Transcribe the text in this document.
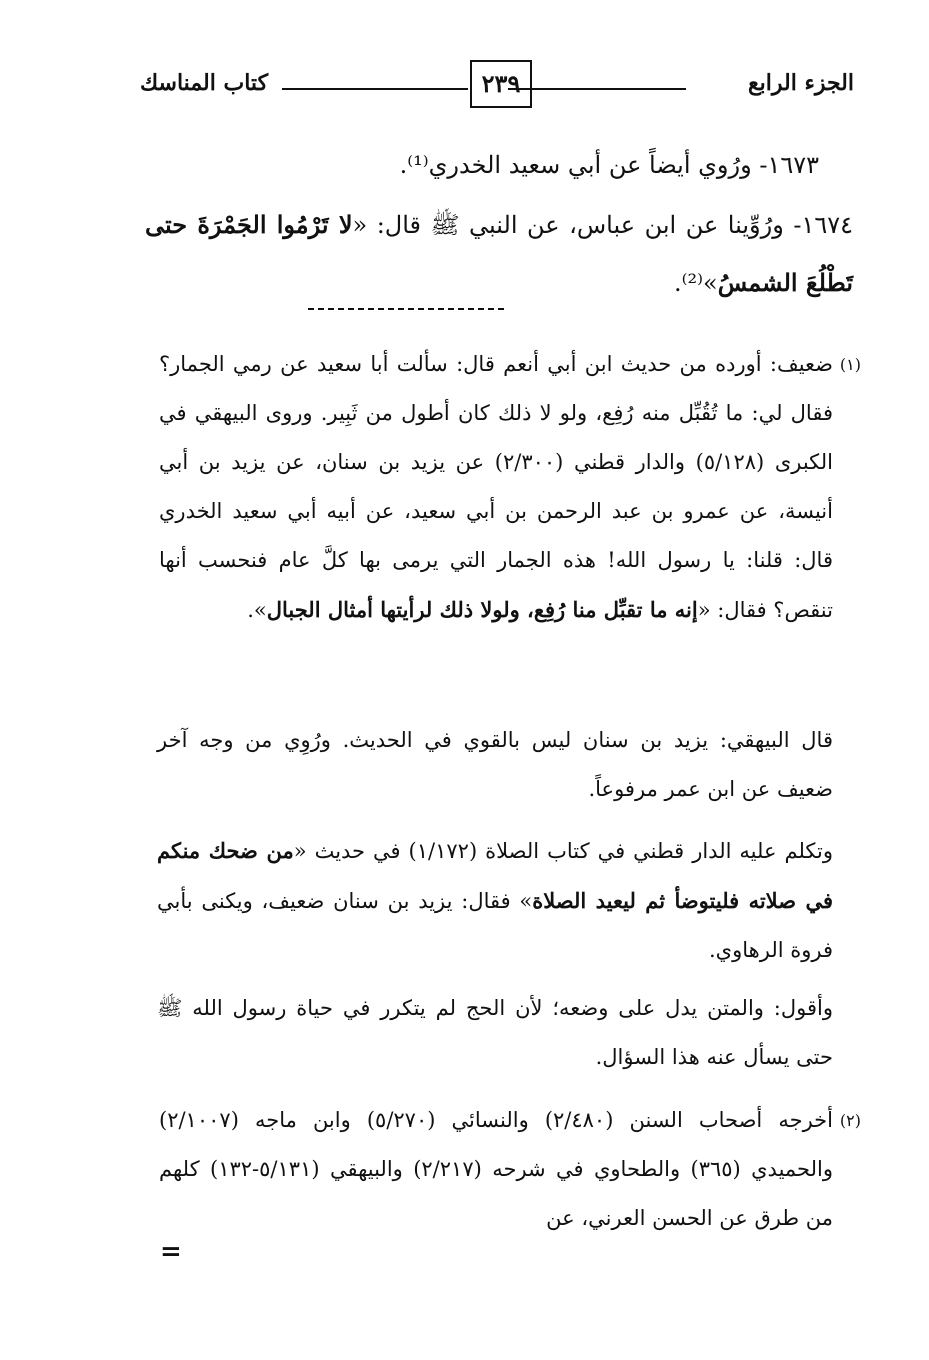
الجزء الرابع
٢٣٩
كتاب المناسك
١٦٧٣- ورُوي أيضاً عن أبي سعيد الخدري⁽¹⁾.
١٦٧٤- ورُوِّينا عن ابن عباس، عن النبي ﷺ قال: «لا تَرْمُوا الجَمْرَةَ حتى تَطْلُعَ الشمسُ»⁽²⁾.
(١)
ضعيف: أورده من حديث ابن أبي أنعم قال: سألت أبا سعيد عن رمي الجمار؟ فقال لي: ما تُقُبِّل منه رُفِع، ولو لا ذلك كان أطول من ثَبِير. وروى البيهقي في الكبرى (٥/١٢٨) والدار قطني (٢/٣٠٠) عن يزيد بن سنان، عن يزيد بن أبي أنيسة، عن عمرو بن عبد الرحمن بن أبي سعيد، عن أبيه أبي سعيد الخدري قال: قلنا: يا رسول الله! هذه الجمار التي يرمى بها كلَّ عام فنحسب أنها تنقص؟ فقال: «إنه ما تقبِّل منا رُفِع، ولولا ذلك لرأيتها أمثال الجبال».
قال البيهقي: يزيد بن سنان ليس بالقوي في الحديث. ورُوِي من وجه آخر ضعيف عن ابن عمر مرفوعاً.
وتكلم عليه الدار قطني في كتاب الصلاة (١/١٧٢) في حديث «من ضحك منكم في صلاته فليتوضأ ثم ليعيد الصلاة» فقال: يزيد بن سنان ضعيف، ويكنى بأبي فروة الرهاوي.
وأقول: والمتن يدل على وضعه؛ لأن الحج لم يتكرر في حياة رسول الله ﷺ حتى يسأل عنه هذا السؤال.
(٢)
أخرجه أصحاب السنن (٢/٤٨٠) والنسائي (٥/٢٧٠) وابن ماجه (٢/١٠٠٧) والحميدي (٣٦٥) والطحاوي في شرحه (٢/٢١٧) والبيهقي (٥/١٣١-١٣٢) كلهم من طرق عن الحسن العرني، عن
=
